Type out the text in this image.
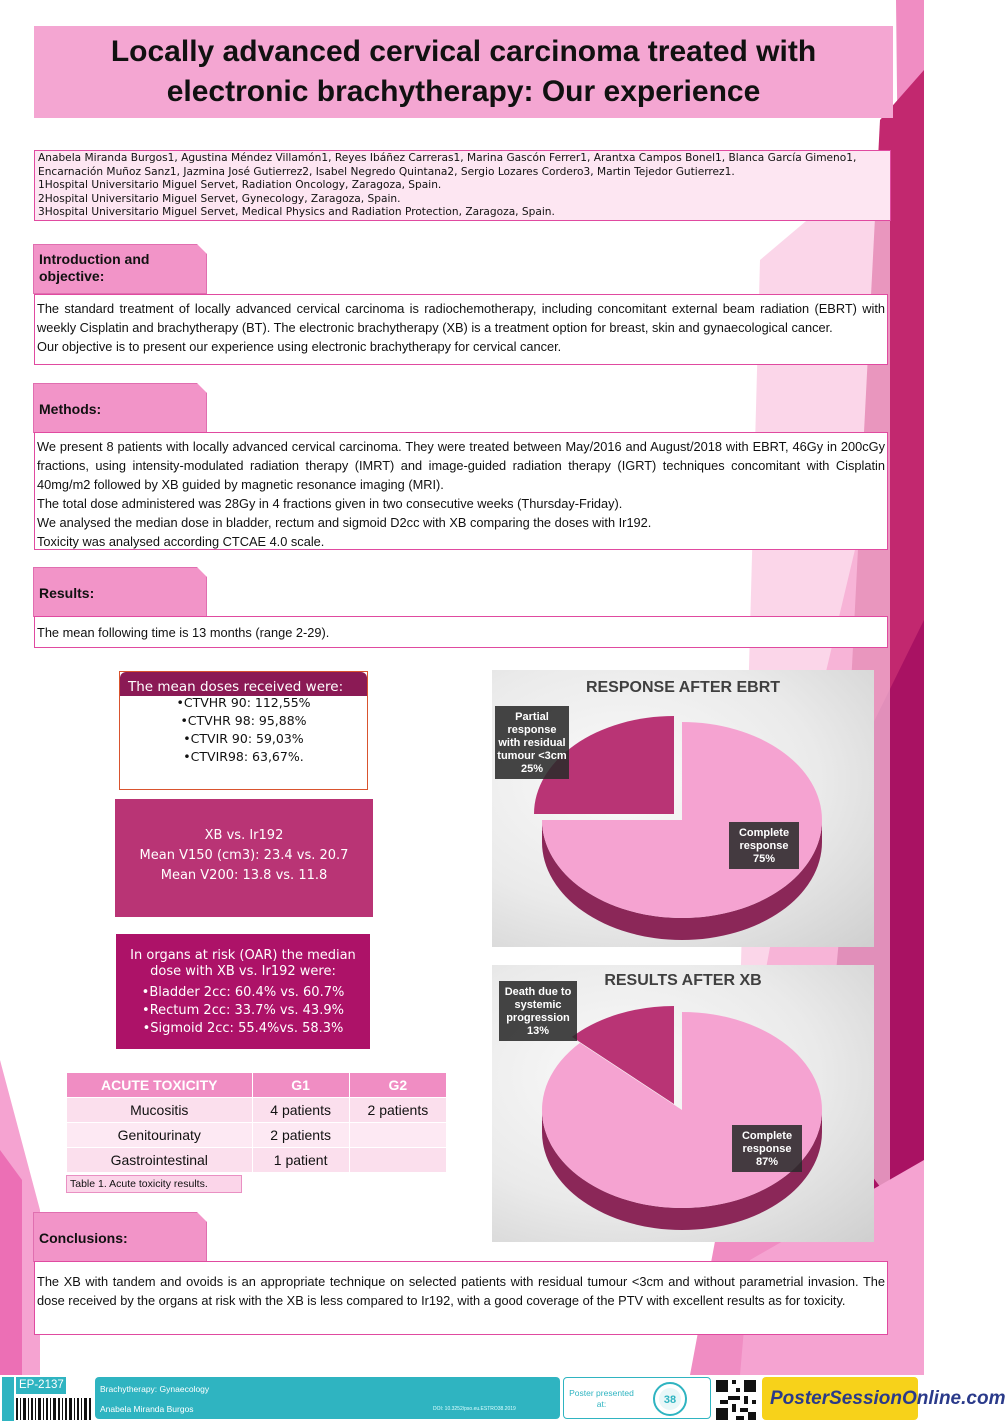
Locally advanced cervical carcinoma treated with
electronic brachytherapy: Our experience
Anabela Miranda Burgos1, Agustina Méndez Villamón1, Reyes Ibáñez Carreras1, Marina Gascón Ferrer1, Arantxa Campos Bonel1, Blanca García Gimeno1, Encarnación Muñoz Sanz1, Jazmina José Gutierrez2, Isabel Negredo Quintana2, Sergio Lozares Cordero3, Martin Tejedor Gutierrez1.
1Hospital Universitario Miguel Servet, Radiation Oncology, Zaragoza, Spain.
2Hospital Universitario Miguel Servet, Gynecology, Zaragoza, Spain.
3Hospital Universitario Miguel Servet, Medical Physics and Radiation Protection, Zaragoza, Spain.
Introduction and objective:

The standard treatment of locally advanced cervical carcinoma is radiochemotherapy, including concomitant external beam radiation (EBRT) with weekly Cisplatin and brachytherapy (BT). The electronic brachytherapy (XB) is a treatment option for breast, skin and gynaecological cancer.

Our objective is to present our experience using electronic brachytherapy for cervical cancer.

Methods:

We present 8 patients with locally advanced cervical carcinoma. They were treated between May/2016 and August/2018 with EBRT, 46Gy in 200cGy fractions, using intensity-modulated radiation therapy (IMRT) and image-guided radiation therapy (IGRT) techniques concomitant with Cisplatin 40mg/m2 followed by XB guided by magnetic resonance imaging (MRI).

The total dose administered was 28Gy in 4 fractions given in two consecutive weeks (Thursday-Friday).

We analysed the median dose in bladder, rectum and sigmoid D2cc with XB comparing the doses with Ir192.

Toxicity was analysed according CTCAE 4.0 scale.

Results:

The mean following time is 13 months (range 2-29).

The mean doses received were:
•CTVHR 90: 112,55%
•CTVHR 98: 95,88%
•CTVIR 90: 59,03%
•CTVIR98: 63,67%.
XB vs. Ir192
Mean V150 (cm3): 23.4 vs. 20.7
Mean V200: 13.8 vs. 11.8
In organs at risk (OAR) the median dose with XB vs. Ir192 were:
•Bladder 2cc: 60.4% vs. 60.7%
•Rectum 2cc: 33.7% vs. 43.9%
•Sigmoid 2cc: 55.4%vs. 58.3%
ACUTE TOXICITY	G1	G2
Mucositis	4 patients	2 patients
Genitourinaty	2 patients	
Gastrointestinal	1 patient	
Table 1. Acute toxicity results.
RESPONSE AFTER EBRT
Complete
response
75%
Partial
response
with residual
tumour <3cm
25%
RESULTS AFTER XB
Complete
response
87%
Death due to
systemic
progression
13%
Conclusions:

The XB with tandem and ovoids is an appropriate technique on selected patients with residual tumour <3cm and without parametrial invasion. The dose received by the organs at risk with the XB is less compared to Ir192, with a good coverage of the PTV with excellent results as for toxicity.

EP-2137	Brachytherapy: Gynaecology
Anabela Miranda Burgos	DOI: 10.3252/pso.eu.ESTRO38.2019
Poster presented at:	38	PosterSessionOnline.com
